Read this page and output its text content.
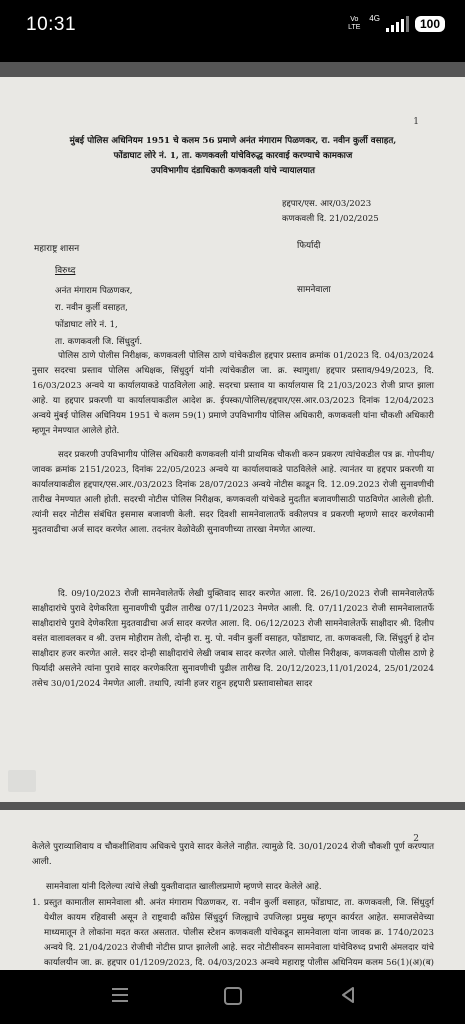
10:31	Vo LTE
4G	100
1
मुंबई पोलिस अधिनियम 1951 चे कलम 56 प्रमाणे अनंत मंगाराम पिळणकर, रा. नवीन कुर्ली वसाहत,
फोंडाघाट लोरे नं. 1, ता. कणकवली यांचेविरुद्ध कारवाई करण्याचे कामकाज
उपविभागीय दंडाधिकारी कणकवली यांचे न्यायालयात
हद्दपार/एस. आर/03/2023
कणकवली दि. 21/02/2025
महाराष्ट्र शासन	फिर्यादी
विरुध्द
अनंत मंगाराम पिळणकर,
रा. नवीन कुर्ली वसाहत,
फोंडाघाट लोरे नं. 1,
ता. कणकवली जि. सिंधुदुर्ग.
सामनेवाला
पोलिस ठाणे पोलीस निरीक्षक, कणकवली पोलिस ठाणे यांचेकडील हद्दपार प्रस्ताव क्रमांक 01/2023 दि. 04/03/2024 नुसार सदरचा प्रस्ताव पोलिस अधिक्षक, सिंधुदुर्ग यांनी त्यांचेकडील जा. क्र. स्थागुशा/ हद्दपार प्रस्ताव/949/2023, दि. 16/03/2023 अन्वये या कार्यालयाकडे पाठविलेला आहे. सदरचा प्रस्ताव या कार्यालयास दि 21/03/2023 रोजी प्राप्त झाला आहे. या हद्दपार प्रकरणी या कार्यालयाकडील आदेश क्र. ईपस्का/पोलिस/हद्दपार/एस.आर.03/2023 दिनांक 12/04/2023 अन्वये मुंबई पोलिस अधिनियम 1951 चे कलम 59(1) प्रमाणे उपविभागीय पोलिस अधिकारी, कणकवली यांना चौकशी अधिकारी म्हणून नेमण्यात आलेले होते.
सदर प्रकरणी उपविभागीय पोलिस अधिकारी कणकवली यांनी प्राथमिक चौकशी करुन प्रकरण त्यांचेकडील पत्र क्र. गोपनीय/जावक क्रमांक 2151/2023, दिनांक 22/05/2023 अन्वये या कार्यालयाकडे पाठविलेले आहे. त्यानंतर या हद्दपार प्रकरणी या कार्यालयाकडील हद्दपार/एस.आर./03/2023 दिनांक 28/07/2023 अन्वये नोटीस काढून दि. 12.09.2023 रोजी सुनावणीची तारीख नेमण्यात आली होती. सदरची नोटीस पोलिस निरीक्षक, कणकवली यांचेकडे मुदतीत बजावणीसाठी पाठविणेत आलेली होती. त्यांनी सदर नोटीस संबंधित इसमास बजावणी केली. सदर दिवशी सामनेवालातर्फे वकीलपत्र व प्रकरणी म्हणणे सादर करणेकामी मुदतवाढीचा अर्ज सादर करणेत आला. तदनंतर वेळोवेळी सुनावणीच्या तारखा नेमणेत आल्या.
दि. 09/10/2023 रोजी सामनेवालेतर्फे लेखी युक्तिवाद सादर करणेत आला. दि. 26/10/2023 रोजी सामनेवालेतर्फे साक्षीदारांचे पुरावे देणेकरिता सुनावणीची पुढील तारीख 07/11/2023 नेमणेत आली. दि. 07/11/2023 रोजी सामनेवालातर्फे साक्षीदारांचे पुरावे देणेकरिता मुदतवाढीचा अर्ज सादर करणेत आला. दि. 06/12/2023 रोजी सामनेवालेतर्फे साक्षीदार श्री. दिलीप वसंत वालावलकर व श्री. उत्तम मोहीराम तेली, दोन्ही रा. मु. पो. नवीन कुर्ली वसाहत, फोंडाघाट, ता. कणकवली, जि. सिंधुदुर्ग हे दोन साक्षीदार हजर करणेत आले. सदर दोन्ही साक्षीदारांचे लेखी जबाब सादर करणेत आले. पोलीस निरीक्षक, कणकवली पोलीस ठाणे हे फिर्यादी असलेने त्यांना पुरावे सादर करणेकरिता सुनावणीची पुढील तारीख दि. 20/12/2023,11/01/2024, 25/01/2024 तसेच 30/01/2024 नेमणेत आली. तथापि, त्यांनी हजर राहून हद्दपारी प्रस्तावासोबत सादर
2
केलेले पुराव्याशिवाय व चौकशीशिवाय अधिकचे पुरावे सादर केलेले नाहीत. त्यामुळे दि. 30/01/2024 रोजी चौकशी पूर्ण करण्यात आली.
सामनेवाला यांनी दिलेल्या त्यांचे लेखी युक्तीवादात खालीलप्रमाणे म्हणणे सादर केलेले आहे.
1. प्रस्तुत कामातील सामनेवाला श्री. अनंत मंगाराम पिळणकर, रा. नवीन कुर्ली वसाहत, फोंडाघाट, ता. कणकवली, जि. सिंधुदुर्ग येथील कायम रहिवासी असून ते राष्ट्रवादी काँग्रेस सिंधुदुर्ग जिल्ह्याचे उपजिल्हा प्रमुख म्हणून कार्यरत आहेत. समाजसेवेच्या माध्यमातून ते लोकांना मदत करत असतात. पोलीस स्टेशन कणकवली यांचेकडून सामनेवाला यांना जावक क्र. 1740/2023 अन्वये दि. 21/04/2023 रोजीची नोटीस प्राप्त झालेली आहे. सदर नोटीसीवरुन सामनेवाला यांचेविरुध्द प्रभारी अंमलदार यांचे कार्यालयीन जा. क्र. हद्दपार 01/1209/2023, दि. 04/03/2023 अन्वये महाराष्ट्र पोलीस अधिनियम कलम 56(1)(अ)(ब)
